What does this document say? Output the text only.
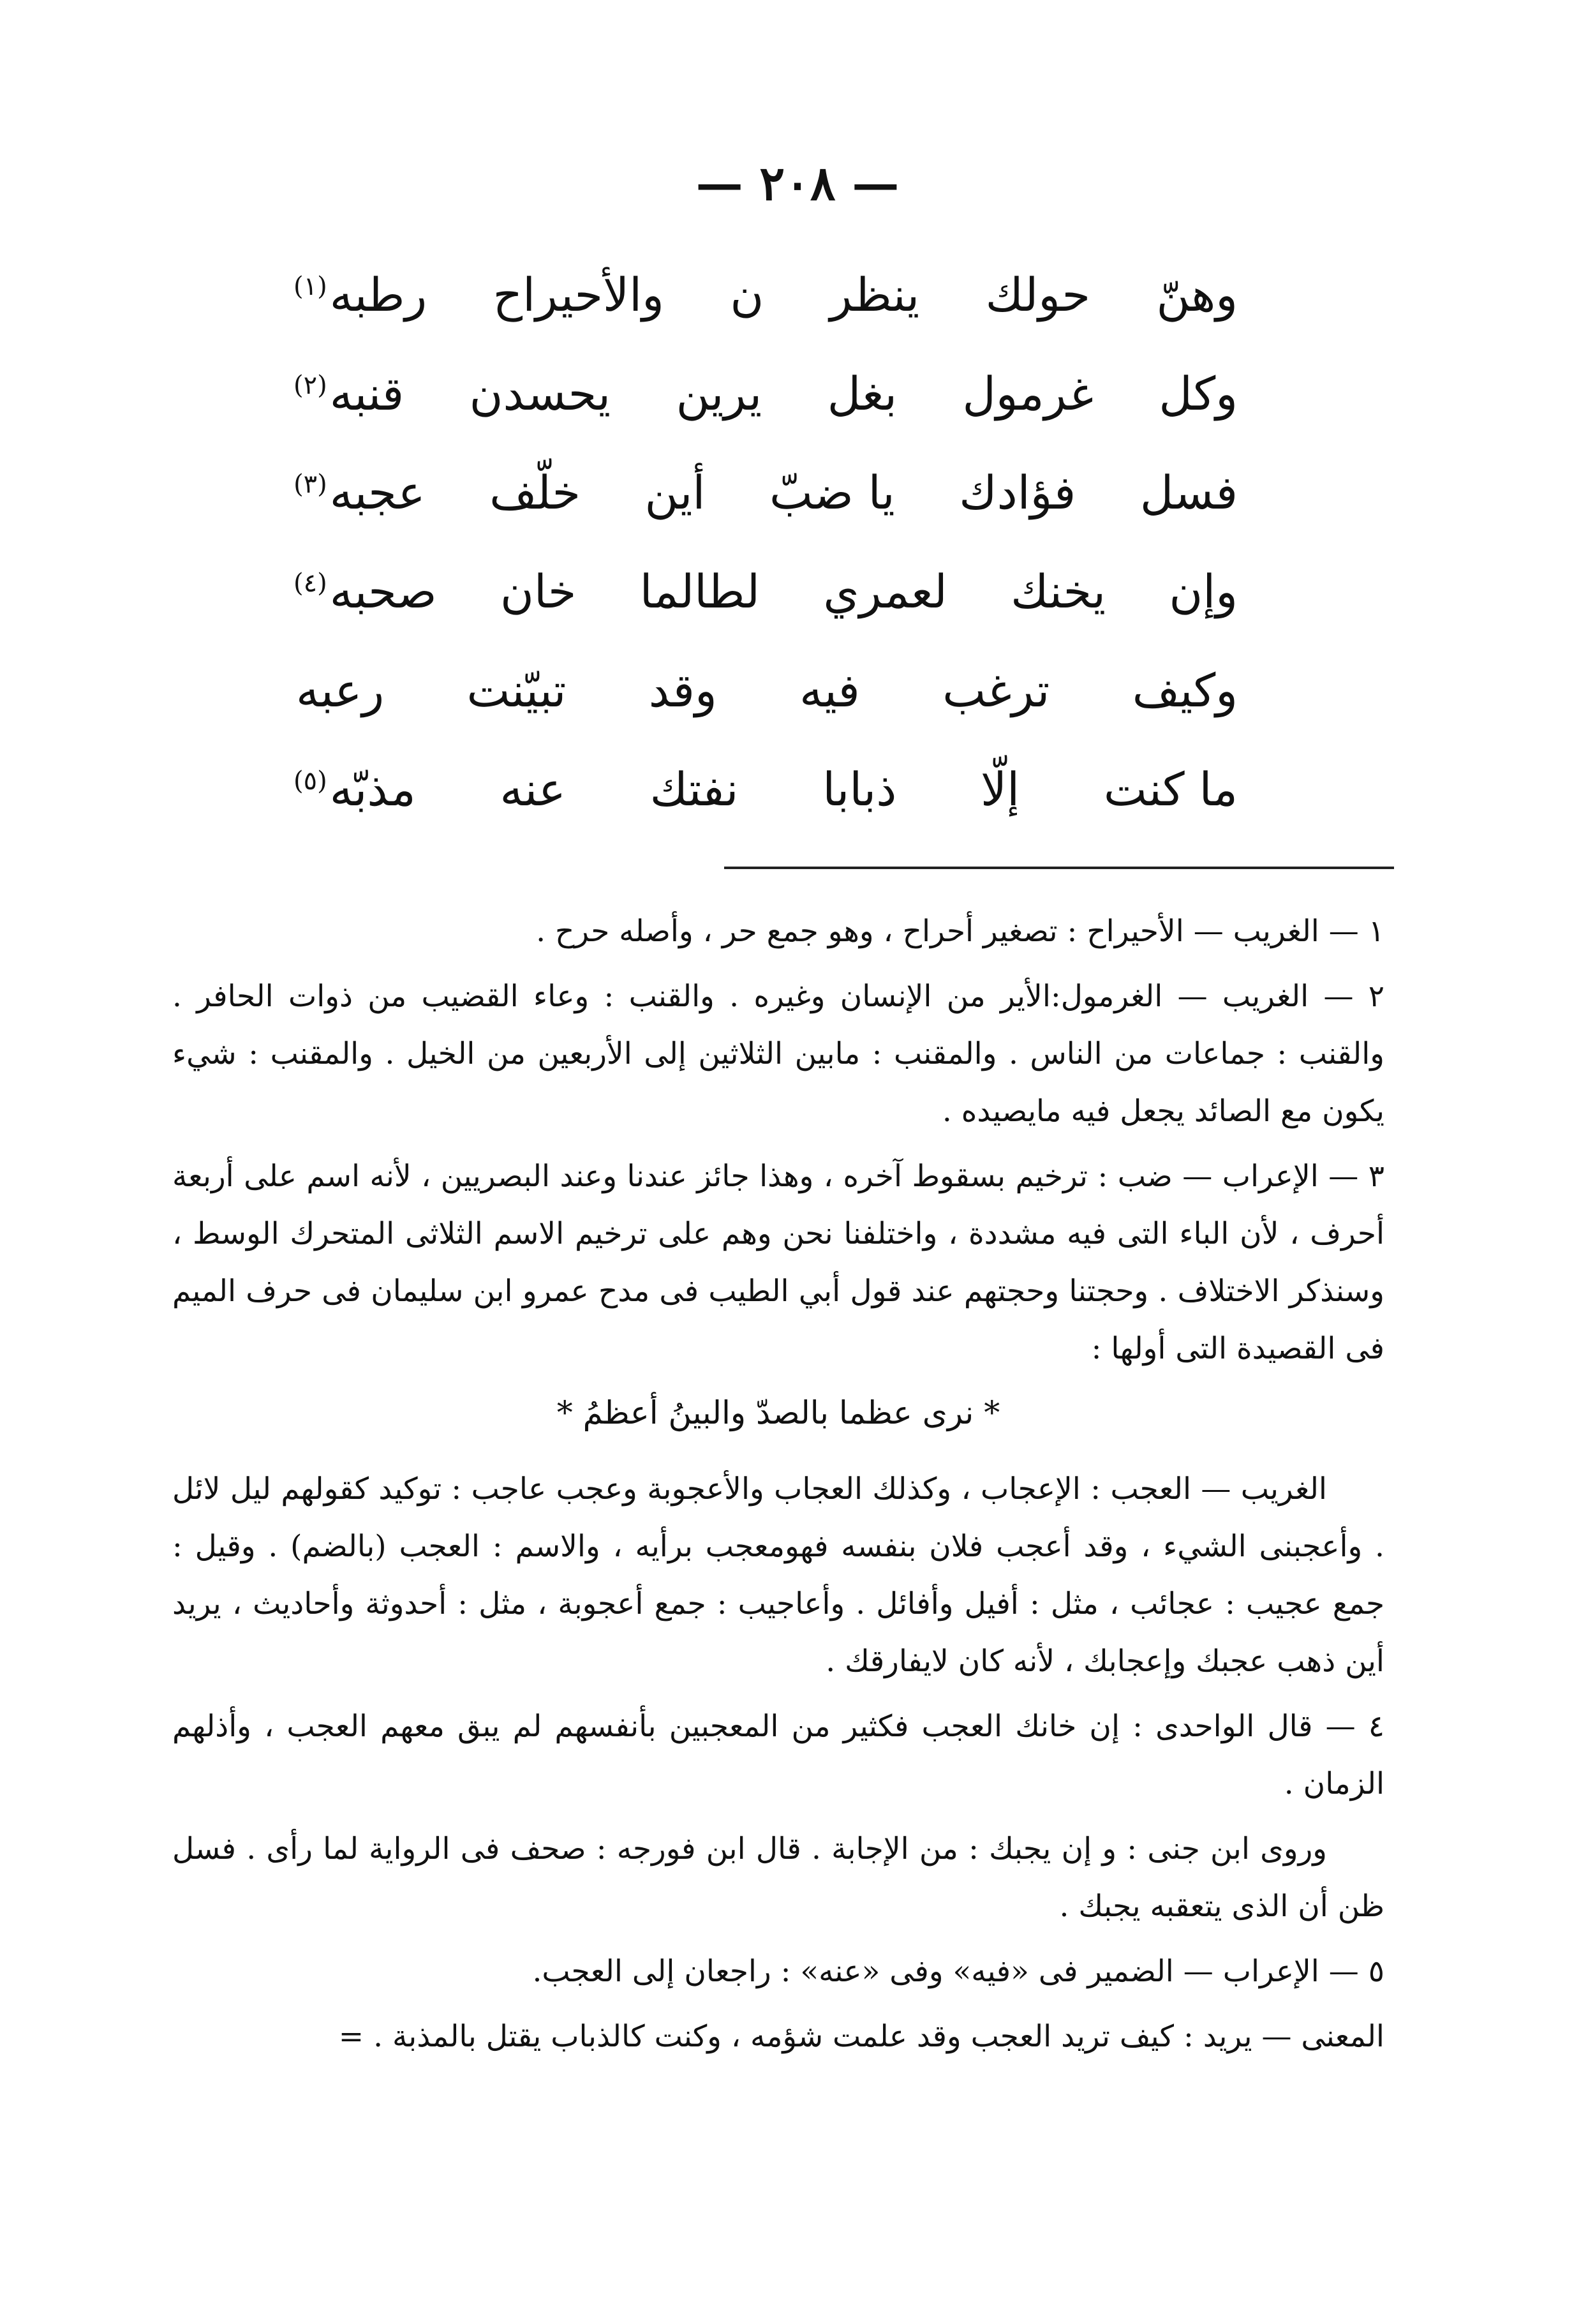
— ٢٠٨ —
وهنّ
حولك
ينظر
ن
والأحيراح
رطبه(١)
وكل
غرمول
بغل
يرين
يحسدن
قنبه(٢)
فسل
فؤادك
يا ضبّ
أين
خلّف
عجبه(٣)
وإن
يخنك
لعمري
لطالما
خان
صحبه(٤)
وكيف
ترغب
فيه
وقد
تبيّنت
رعبه
ما كنت
إلّا
ذبابا
نفتك
عنه
مذبّه(٥)

١ — الغريب — الأحيراح : تصغير أحراح ، وهو جمع حر ، وأصله حرح .

٢ — الغريب — الغرمول:الأير من الإنسان وغيره . والقنب : وعاء القضيب من ذوات الحافر . والقنب : جماعات من الناس . والمقنب : مابين الثلاثين إلى الأربعين من الخيل . والمقنب : شيء يكون مع الصائد يجعل فيه مايصيده .

٣ — الإعراب — ضب : ترخيم بسقوط آخره ، وهذا جائز عندنا وعند البصريين ، لأنه اسم على أربعة أحرف ، لأن الباء التى فيه مشددة ، واختلفنا نحن وهم على ترخيم الاسم الثلاثى المتحرك الوسط ، وسنذكر الاختلاف . وحجتنا وحجتهم عند قول أبي الطيب فى مدح عمرو ابن سليمان فى حرف الميم فى القصيدة التى أولها :

* نرى عظما بالصدّ والبينُ أعظمُ *

الغريب — العجب : الإعجاب ، وكذلك العجاب والأعجوبة وعجب عاجب : توكيد كقولهم ليل لائل . وأعجبنى الشيء ، وقد أعجب فلان بنفسه فهومعجب برأيه ، والاسم : العجب (بالضم) . وقيل : جمع عجيب : عجائب ، مثل : أفيل وأفائل . وأعاجيب : جمع أعجوبة ، مثل : أحدوثة وأحاديث ، يريد أين ذهب عجبك وإعجابك ، لأنه كان لايفارقك .

٤ — قال الواحدى : إن خانك العجب فكثير من المعجبين بأنفسهم لم يبق معهم العجب ، وأذلهم الزمان .

وروى ابن جنى : و إن يجبك : من الإجابة . قال ابن فورجه : صحف فى الرواية لما رأى . فسل ظن أن الذى يتعقبه يجبك .

٥ — الإعراب — الضمير فى «فيه» وفى «عنه» : راجعان إلى العجب.

المعنى — يريد : كيف تريد العجب وقد علمت شؤمه ، وكنت كالذباب يقتل بالمذبة . =
